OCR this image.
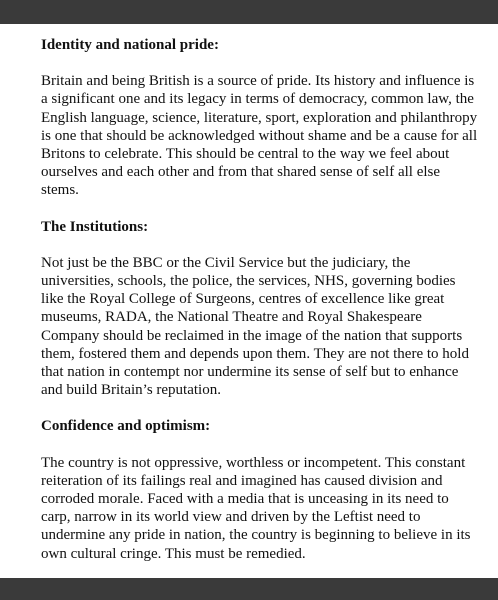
Identity and national pride:

Britain and being British is a source of pride. Its history and influence is a significant one and its legacy in terms of democracy, common law, the English language, science, literature, sport, exploration and philanthropy is one that should be acknowledged without shame and be a cause for all Britons to celebrate. This should be central to the way we feel about ourselves and each other and from that shared sense of self all else stems.

The Institutions:

Not just be the BBC or the Civil Service but the judiciary, the universities, schools, the police, the services, NHS, governing bodies like the Royal College of Surgeons, centres of excellence like great museums, RADA, the National Theatre and Royal Shakespeare Company should be reclaimed in the image of the nation that supports them, fostered them and depends upon them. They are not there to hold that nation in contempt nor undermine its sense of self but to enhance and build Britain’s reputation.

Confidence and optimism:

The country is not oppressive, worthless or incompetent. This constant reiteration of its failings real and imagined has caused division and corroded morale. Faced with a media that is unceasing in its need to carp, narrow in its world view and driven by the Leftist need to undermine any pride in nation, the country is beginning to believe in its own cultural cringe. This must be remedied.
